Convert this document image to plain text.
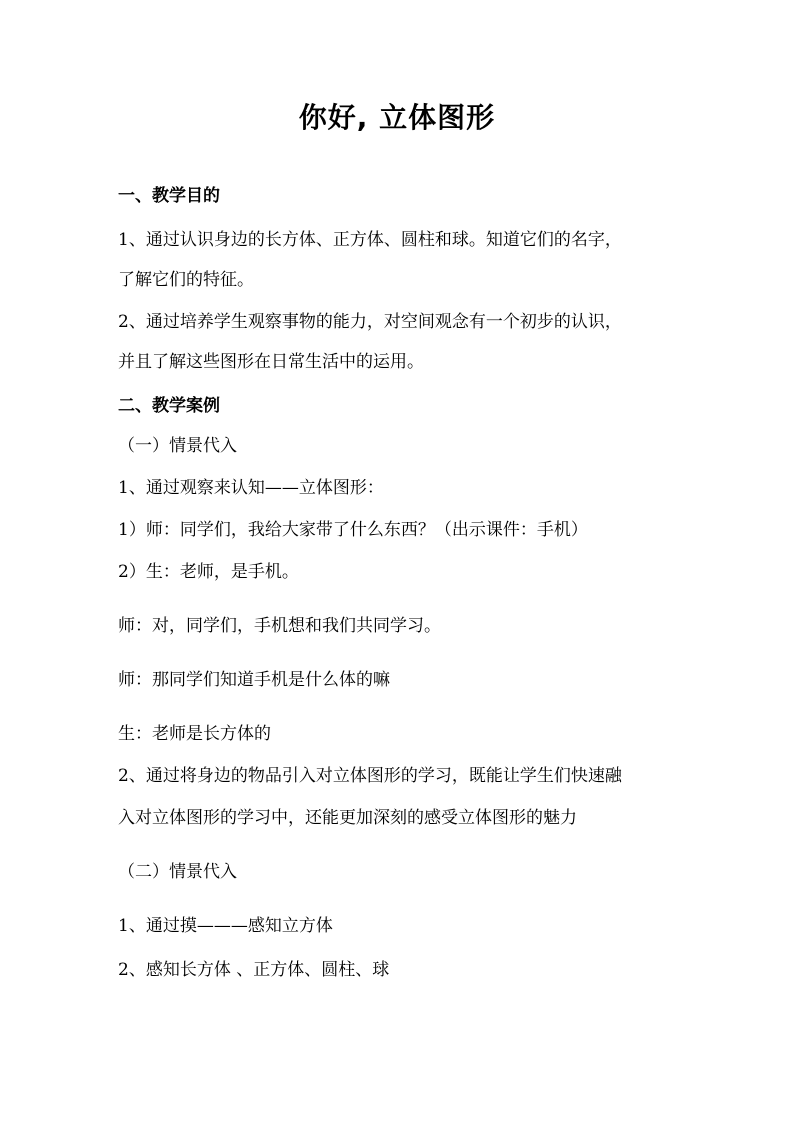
你好, 立体图形
一、教学目的
1、通过认识身边的长方体、正方体、圆柱和球。知道它们的名字，
了解它们的特征。
2、通过培养学生观察事物的能力，对空间观念有一个初步的认识，
并且了解这些图形在日常生活中的运用。
二、教学案例
（一）情景代入
1、通过观察来认知——立体图形：
1）师：同学们，我给大家带了什么东西？（出示课件：手机）
2）生：老师，是手机。
师：对，同学们，手机想和我们共同学习。
师：那同学们知道手机是什么体的嘛
生：老师是长方体的
2、通过将身边的物品引入对立体图形的学习，既能让学生们快速融
入对立体图形的学习中，还能更加深刻的感受立体图形的魅力
（二）情景代入
1、通过摸———感知立方体
2、感知长方体 、正方体、圆柱、球
